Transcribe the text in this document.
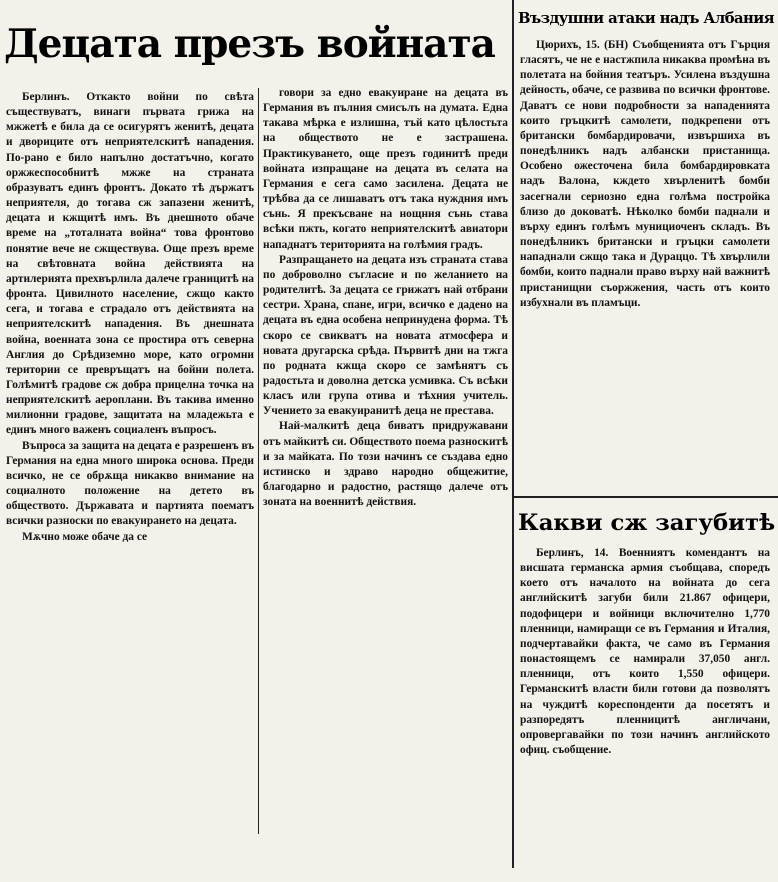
Децата презъ войната

Берлинъ. Откакто войни по свѣта съществуватъ, винаги първата грижа на мжжетѣ е била да се осигурятъ женитѣ, децата и двориците отъ неприятелскитѣ нападения. По-рано е било напълно достатъчно, когато оржжеспособнитѣ мжже на страната образуватъ единъ фронтъ. Докато тѣ държатъ неприятеля, до тогава сж запазени женитѣ, децата и кжщитѣ имъ. Въ днешното обаче време на „тоталната война“ това фронтово понятие вече не сжществува. Още презъ време на свѣтовната война действията на артилерията прехвърлила далече границитѣ на фронта. Цивилното население, сжщо както сега, и тогава е страдало отъ действията на неприятелскитѣ нападения. Въ днешната война, военната зона се простира отъ северна Англия до Срѣдиземно море, като огромни територии се превръщатъ на бойни полета. Голѣмитѣ градове сж добра прицелна точка на неприятелскитѣ аероплани. Въ такива именно милионни градове, защитата на младежьта е единъ много важенъ социаленъ въпросъ.

Въпроса за защита на децата е разрешенъ въ Германия на една много широка основа. Преди всичко, не се обрѫща никакво внимание на социалното положение на детето въ обществото. Държавата и партията поематъ всички разноски по евакуирането на децата.

Мѫчно може обаче да се

говори за едно евакуиране на децата въ Германия въ пълния смисълъ на думата. Една такава мѣрка е излишна, тъй като цѣлостьта на обществото не е застрашена. Практикуването, още презъ годинитѣ преди войната изпращане на децата въ селата на Германия е сега само засилена. Децата не трѣбва да се лишаватъ отъ така нуждния имъ сънь. Я прекъсване на нощния сънь става всѣки пжть, когато неприятелскитѣ авиатори нападнатъ територията на голѣмия градъ.

Разпращането на децата изъ страната става по доброволно съгласие и по желанието на родителитѣ. За децата се грижатъ най отбрани сестри. Храна, спане, игри, всичко е дадено на децата въ една особена непринудена форма. Тѣ скоро се свикватъ на новата атмосфера и новата другарска срѣда. Първитѣ дни на тжга по родната кжща скоро се замѣнятъ съ радостьта и доволна детска усмивка. Съ всѣки класъ или група отива и тѣхния учитель. Учението за евакуиранитѣ деца не престава.

Най-малкитѣ деца биватъ придружавани отъ майкитѣ си. Обществото поема разноскитѣ и за майката. По този начинъ се създава едно истинско и здраво народно общежитие, благодарно и радостно, растящо далече отъ зоната на военнитѣ действия.

Въздушни атаки надъ Албания

Цюрихъ, 15. (БН) Съобщенията отъ Гърция гласятъ, че не е настжпила никаква промѣна въ полетата на бойния театъръ. Усилена въздушна дейность, обаче, се развива по всички фронтове. Даватъ се нови подробности за нападенията които гръцкитѣ самолети, подкрепени отъ британски бомбардировачи, извършиха въ понедѣлникъ надъ албански пристанища. Особено ожесточена била бомбардировката надъ Валона, кждето хвърленитѣ бомби засегнали сериозно една голѣма постройка близо до доковатѣ. Нѣколко бомби паднали и върху единъ голѣмъ мунициоченъ складъ. Въ понедѣлникъ британски и гръцки самолети нападнали сжщо така и Дураццо. Тѣ хвърлили бомби, които паднали право върху най важнитѣ пристанищни съоржжения, часть отъ които избухнали въ пламъци.

Какви сж загубитѣ

Берлинъ, 14. Военниятъ комендантъ на висшата германска армия съобщава, споредъ което отъ началото на войната до сега английскитѣ загуби били 21.867 офицери, подофицери и войници включително 1,770 пленници, намиращи се въ Германия и Италия, подчертавайки факта, че само въ Германия понастоящемъ се намирали 37,050 англ. пленници, отъ които 1,550 офицери. Германскитѣ власти били готови да позволятъ на чуждитѣ кореспонденти да посетятъ и разпоредятъ пленницитѣ англичани, опровергавайки по този начинъ английското офиц. съобщение.
